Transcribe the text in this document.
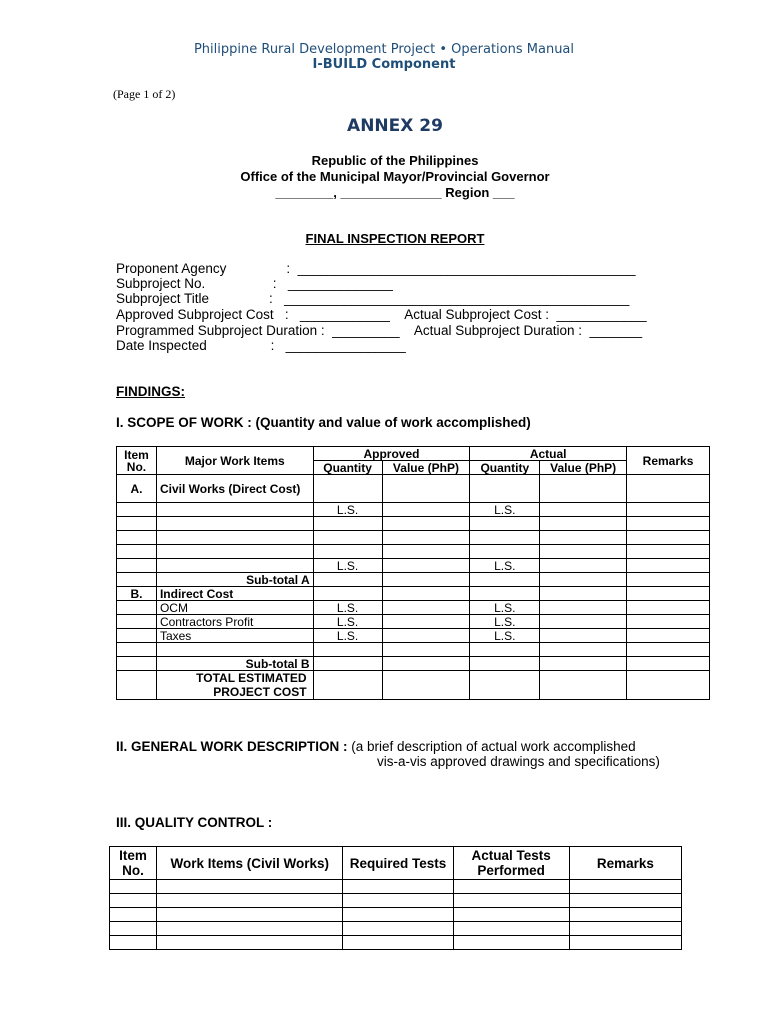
Philippine Rural Development Project • Operations Manual
I-BUILD Component
(Page 1 of 2)
ANNEX 29
Republic of the Philippines
Office of the Municipal Mayor/Provincial Governor
________, ______________ Region ___
FINAL INSPECTION REPORT
Proponent Agency                :  _____________________________________________
Subproject No.                  :   ______________
Subproject Title                :   ______________________________________________
Approved Subproject Cost   :   ____________    Actual Subproject Cost :  ____________
Programmed Subproject Duration :  _________    Actual Subproject Duration :  _______
Date Inspected                 :   ________________
FINDINGS:
I. SCOPE OF WORK : (Quantity and value of work accomplished)
Item No.	Major Work Items	Approved		Actual		Remarks
		Quantity	Value (PhP)	Quantity	Value (PhP)	
A.	Civil Works (Direct Cost)					
		L.S.		L.S.		

		L.S.		L.S.		
	Sub-total A					
B.	Indirect Cost					
	OCM	L.S.		L.S.		
	Contractors Profit	L.S.		L.S.		
	Taxes	L.S.		L.S.		

	Sub-total B					
	TOTAL ESTIMATED PROJECT COST					
II. GENERAL WORK DESCRIPTION : (a brief description of actual work accomplished
vis-a-vis approved drawings and specifications)
III. QUALITY CONTROL :
Item No.	Work Items (Civil Works)	Required Tests	Actual Tests Performed	Remarks
